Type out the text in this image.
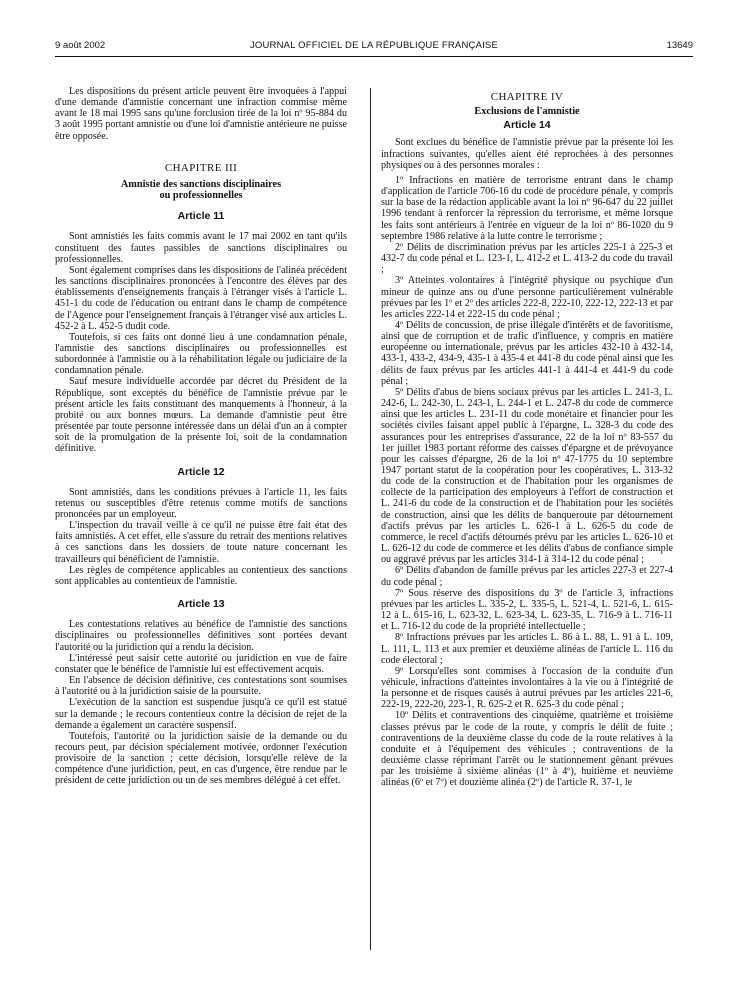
9 août 2002	JOURNAL OFFICIEL DE LA RÉPUBLIQUE FRANÇAISE	13649

Les dispositions du présent article peuvent être invoquées à l'appui d'une demande d'amnistie concernant une infraction commise même avant le 18 mai 1995 sans qu'une forclusion tirée de la loi nº 95-884 du 3 août 1995 portant amnistie ou d'une loi d'amnistie antérieure ne puisse être opposée.

CHAPITRE III
Amnistie des sanctions disciplinaires
ou professionnelles
Article 11

Sont amnistiés les faits commis avant le 17 mai 2002 en tant qu'ils constituent des fautes passibles de sanctions disciplinaires ou professionnelles.

Sont également comprises dans les dispositions de l'alinéa précédent les sanctions disciplinaires prononcées à l'encontre des élèves par des établissements d'enseignements français à l'étranger visés à l'article L. 451-1 du code de l'éducation ou entrant dans le champ de compétence de l'Agence pour l'enseignement français à l'étranger visé aux articles L. 452-2 à L. 452-5 dudit code.

Toutefois, si ces faits ont donné lieu à une condamnation pénale, l'amnistie des sanctions disciplinaires ou professionnelles est subordonnée à l'amnistie ou à la réhabilitation légale ou judiciaire de la condamnation pénale.

Sauf mesure individuelle accordée par décret du Président de la République, sont exceptés du bénéfice de l'amnistie prévue par le présent article les faits constituant des manquements à l'honneur, à la probité ou aux bonnes mœurs. La demande d'amnistie peut être présentée par toute personne intéressée dans un délai d'un an à compter soit de la promulgation de la présente loi, soit de la condamnation définitive.

Article 12

Sont amnistiés, dans les conditions prévues à l'article 11, les faits retenus ou susceptibles d'être retenus comme motifs de sanctions prononcées par un employeur.

L'inspection du travail veille à ce qu'il ne puisse être fait état des faits amnistiés. A cet effet, elle s'assure du retrait des mentions relatives à ces sanctions dans les dossiers de toute nature concernant les travailleurs qui bénéficient de l'amnistie.

Les règles de compétence applicables au contentieux des sanctions sont applicables au contentieux de l'amnistie.

Article 13

Les contestations relatives au bénéfice de l'amnistie des sanctions disciplinaires ou professionnelles définitives sont portées devant l'autorité ou la juridiction qui a rendu la décision.

L'intéressé peut saisir cette autorité ou juridiction en vue de faire constater que le bénéfice de l'amnistie lui est effectivement acquis.

En l'absence de décision définitive, ces contestations sont soumises à l'autorité ou à la juridiction saisie de la poursuite.

L'exécution de la sanction est suspendue jusqu'à ce qu'il est statué sur la demande ; le recours contentieux contre la décision de rejet de la demande a également un caractère suspensif.

Toutefois, l'autorité ou la juridiction saisie de la demande ou du recours peut, par décision spécialement motivée, ordonner l'exécution provisoire de la sanction ; cette décision, lorsqu'elle relève de la compétence d'une juridiction, peut, en cas d'urgence, être rendue par le président de cette juridiction ou un de ses membres délégué à cet effet.

CHAPITRE IV
Exclusions de l'amnistie
Article 14

Sont exclues du bénéfice de l'amnistie prévue par la présente loi les infractions suivantes, qu'elles aient été reprochées à des personnes physiques ou à des personnes morales :

1º Infractions en matière de terrorisme entrant dans le champ d'application de l'article 706-16 du code de procédure pénale, y compris sur la base de la rédaction applicable avant la loi nº 96-647 du 22 juillet 1996 tendant à renforcer la répression du terrorisme, et même lorsque les faits sont antérieurs à l'entrée en vigueur de la loi nº 86-1020 du 9 septembre 1986 relative à la lutte contre le terrorisme ;

2º Délits de discrimination prévus par les articles 225-1 à 225-3 et 432-7 du code pénal et L. 123-1, L. 412-2 et L. 413-2 du code du travail ;

3º Atteintes volontaires à l'intégrité physique ou psychique d'un mineur de quinze ans ou d'une personne particulièrement vulnérable prévues par les 1º et 2º des articles 222-8, 222-10, 222-12, 222-13 et par les articles 222-14 et 222-15 du code pénal ;

4º Délits de concussion, de prise illégale d'intérêts et de favoritisme, ainsi que de corruption et de trafic d'influence, y compris en matière européenne ou internationale, prévus par les articles 432-10 à 432-14, 433-1, 433-2, 434-9, 435-1 à 435-4 et 441-8 du code pénal ainsi que les délits de faux prévus par les articles 441-1 à 441-4 et 441-9 du code pénal ;

5º Délits d'abus de biens sociaux prévus par les articles L. 241-3, L. 242-6, L. 242-30, L. 243-1, L. 244-1 et L. 247-8 du code de commerce ainsi que les articles L. 231-11 du code monétaire et financier pour les sociétés civiles faisant appel public à l'épargne, L. 328-3 du code des assurances pour les entreprises d'assurance, 22 de la loi nº 83-557 du 1er juillet 1983 portant réforme des caisses d'épargne et de prévoyance pour les caisses d'épargne, 26 de la loi nº 47-1775 du 10 septembre 1947 portant statut de la coopération pour les coopératives, L. 313-32 du code de la construction et de l'habitation pour les organismes de collecte de la participation des employeurs à l'effort de construction et L. 241-6 du code de la construction et de l'habitation pour les sociétés de construction, ainsi que les délits de banqueroute par détournement d'actifs prévus par les articles L. 626-1 à L. 626-5 du code de commerce, le recel d'actifs détournés prévu par les articles L. 626-10 et L. 626-12 du code de commerce et les délits d'abus de confiance simple ou aggravé prévus par les articles 314-1 à 314-12 du code pénal ;

6º Délits d'abandon de famille prévus par les articles 227-3 et 227-4 du code pénal ;

7º Sous réserve des dispositions du 3º de l'article 3, infractions prévues par les articles L. 335-2, L. 335-5, L. 521-4, L. 521-6, L. 615-12 à L. 615-16, L. 623-32, L. 623-34, L. 623-35, L. 716-9 à L. 716-11 et L. 716-12 du code de la propriété intellectuelle ;

8º Infractions prévues par les articles L. 86 à L. 88, L. 91 à L. 109, L. 111, L. 113 et aux premier et deuxième alinéas de l'article L. 116 du code électoral ;

9º Lorsqu'elles sont commises à l'occasion de la conduite d'un véhicule, infractions d'atteintes involontaires à la vie ou à l'intégrité de la personne et de risques causés à autrui prévues par les articles 221-6, 222-19, 222-20, 223-1, R. 625-2 et R. 625-3 du code pénal ;

10º Délits et contraventions des cinquième, quatrième et troisième classes prévus par le code de la route, y compris le délit de fuite ; contraventions de la deuxième classe du code de la route relatives à la conduite et à l'équipement des véhicules ; contraventions de la deuxième classe réprimant l'arrêt ou le stationnement gênant prévues par les troisième à sixième alinéas (1º à 4º), huitième et neuvième alinéas (6º et 7º) et douzième alinéa (2º) de l'article R. 37-1, le
